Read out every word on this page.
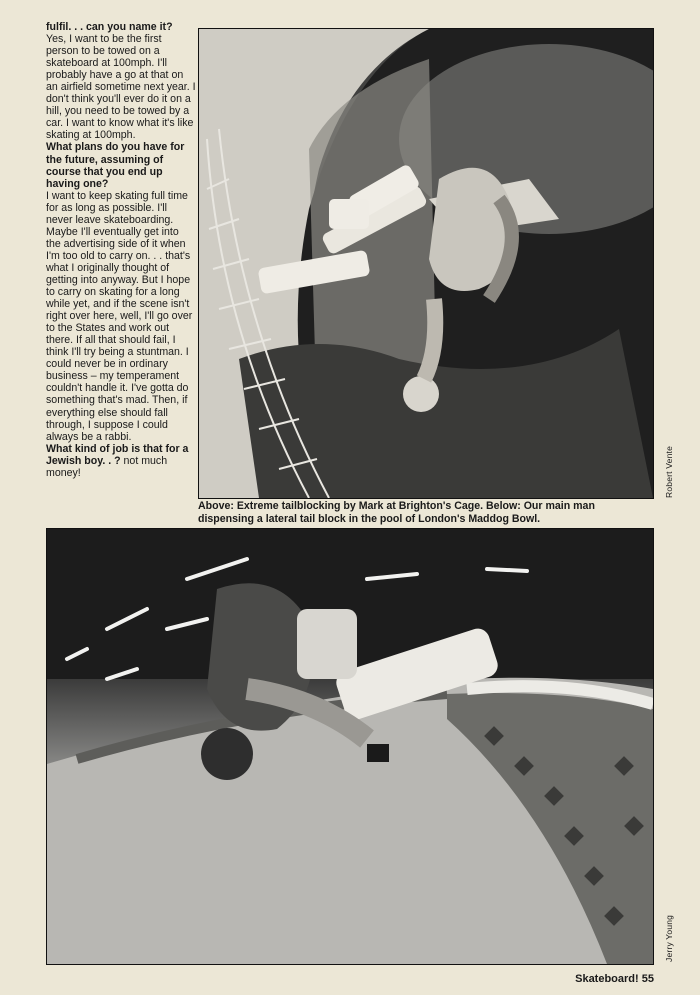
fulfil. . . can you name it?

Yes, I want to be the first person to be towed on a skateboard at 100mph. I'll probably have a go at that on an airfield sometime next year. I don't think you'll ever do it on a hill, you need to be towed by a car. I want to know what it's like skating at 100mph.

What plans do you have for the future, assuming of course that you end up having one?

I want to keep skating full time for as long as possible. I'll never leave skateboarding. Maybe I'll eventually get into the advertising side of it when I'm too old to carry on. . . that's what I originally thought of getting into anyway. But I hope to carry on skating for a long while yet, and if the scene isn't right over here, well, I'll go over to the States and work out there. If all that should fail, I think I'll try being a stuntman. I could never be in ordinary business – my temperament couldn't handle it. I've gotta do something that's mad. Then, if everything else should fall through, I suppose I could always be a rabbi.

What kind of job is that for a Jewish boy. . ? not much money!

Above: Extreme tailblocking by Mark at Brighton's Cage. Below: Our main man dispensing a lateral tail block in the pool of London's Maddog Bowl.
Robert Vente
Jerry Young
Skateboard! 55
